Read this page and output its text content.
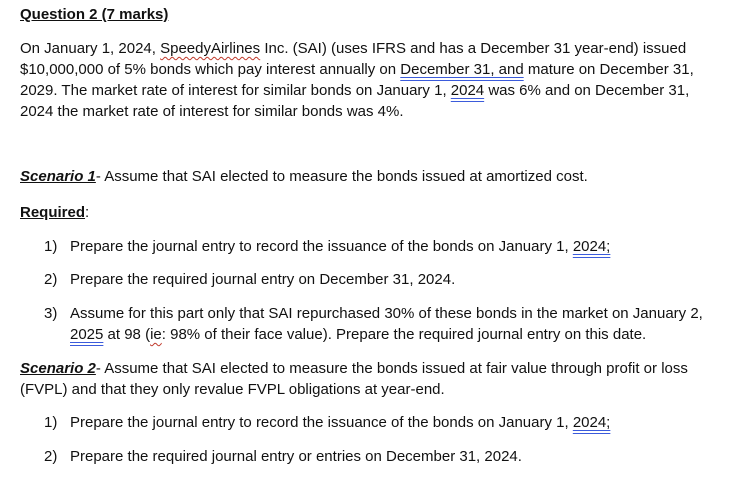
Question 2 (7 marks)
On January 1, 2024, SpeedyAirlines Inc. (SAI) (uses IFRS and has a December 31 year-end) issued
$10,000,000 of 5% bonds which pay interest annually on December 31, and mature on December 31,
2029. The market rate of interest for similar bonds on January 1, 2024 was 6% and on December 31,
2024 the market rate of interest for similar bonds was 4%.
Scenario 1- Assume that SAI elected to measure the bonds issued at amortized cost.
Required:
1) Prepare the journal entry to record the issuance of the bonds on January 1, 2024;
2) Prepare the required journal entry on December 31, 2024.
3) Assume for this part only that SAI repurchased 30% of these bonds in the market on January 2,
2025 at 98 (ie: 98% of their face value). Prepare the required journal entry on this date.
Scenario 2- Assume that SAI elected to measure the bonds issued at fair value through profit or loss
(FVPL) and that they only revalue FVPL obligations at year-end.
1) Prepare the journal entry to record the issuance of the bonds on January 1, 2024;
2) Prepare the required journal entry or entries on December 31, 2024.
